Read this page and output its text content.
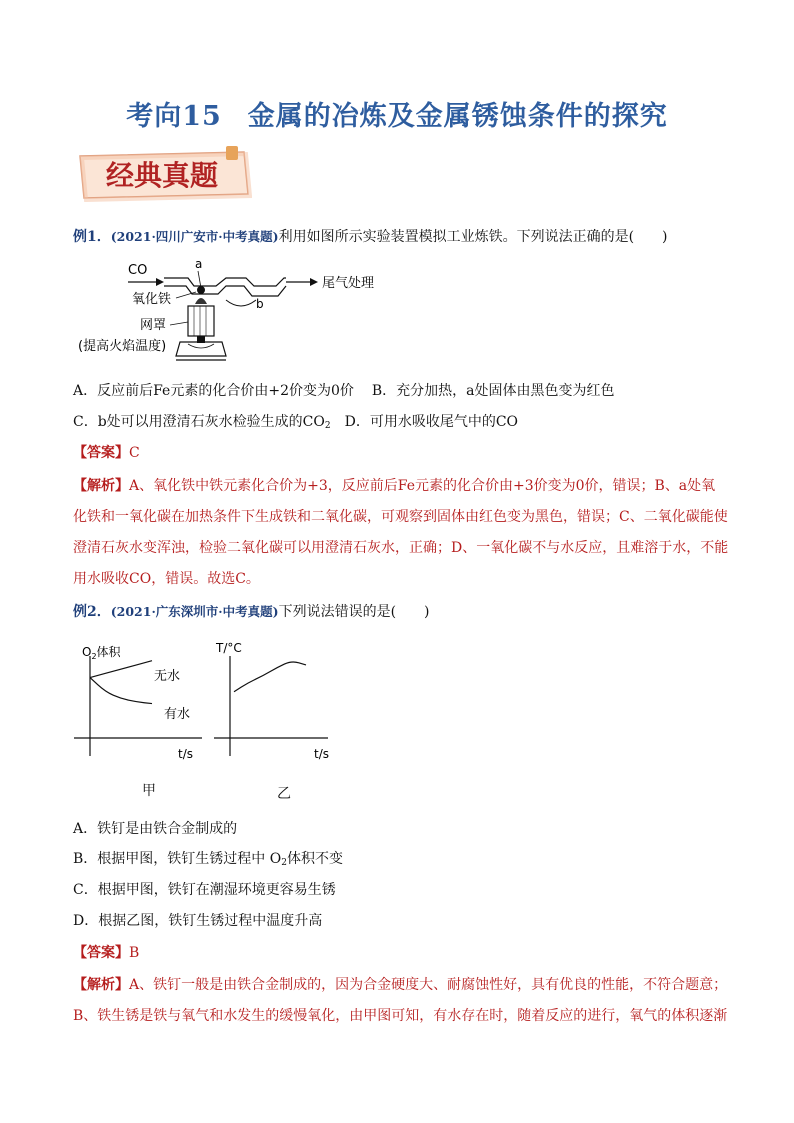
考向15 金属的冶炼及金属锈蚀条件的探究
经典真题
例1．(2021·四川广安市·中考真题)利用如图所示实验装置模拟工业炼铁。下列说法正确的是(　　)
CO	a
b
尾气处理
氧化铁
网罩
(提高火焰温度)
A．反应前后Fe元素的化合价由+2价变为0价 B．充分加热，a处固体由黑色变为红色
C．b处可以用澄清石灰水检验生成的$CO_2$ D．可用水吸收尾气中的CO
【答案】C
【解析】A、氧化铁中铁元素化合价为+3，反应前后Fe元素的化合价由+3价变为0价，错误；B、a处氧
化铁和一氧化碳在加热条件下生成铁和二氧化碳，可观察到固体由红色变为黑色，错误；C、二氧化碳能使
澄清石灰水变浑浊，检验二氧化碳可以用澄清石灰水，正确；D、一氧化碳不与水反应，且难溶于水，不能
用水吸收CO，错误。故选C。
例2．(2021·广东深圳市·中考真题)下列说法错误的是(　　)
$O_2$体积
t/s
无水
有水
T/°C
t/s
甲	乙
A．铁钉是由铁合金制成的
B．根据甲图，铁钉生锈过程中 $O_2$体积不变
C．根据甲图，铁钉在潮湿环境更容易生锈
D．根据乙图，铁钉生锈过程中温度升高
【答案】B
【解析】A、铁钉一般是由铁合金制成的，因为合金硬度大、耐腐蚀性好，具有优良的性能，不符合题意；
B、铁生锈是铁与氧气和水发生的缓慢氧化，由甲图可知，有水存在时，随着反应的进行，氧气的体积逐渐
